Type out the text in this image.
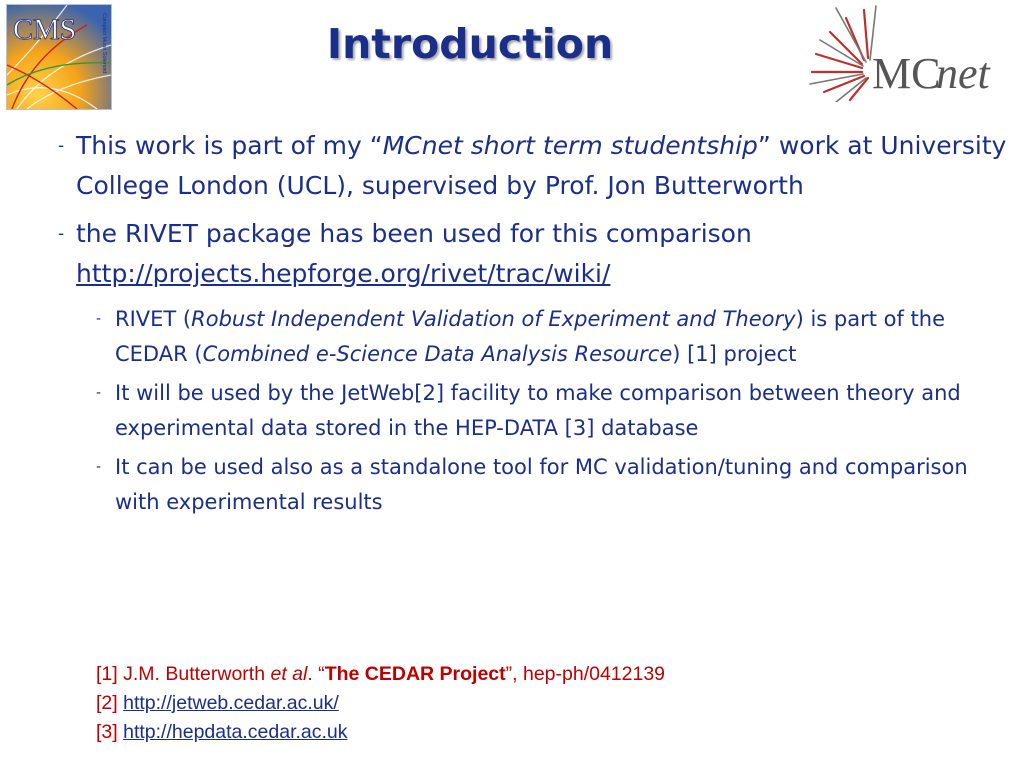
CMS	Compact Muon Solenoid	Introduction
MC
net
- This work is part of my “MCnet short term studentship” work at University College London (UCL), supervised by Prof. Jon Butterworth
- the RIVET package has been used for this comparison
http://projects.hepforge.org/rivet/trac/wiki/
- RIVET (Robust Independent Validation of Experiment and Theory) is part of the CEDAR (Combined e-Science Data Analysis Resource) [1] project
- It will be used by the JetWeb[2] facility to make comparison between theory and experimental data stored in the HEP-DATA [3] database
- It can be used also as a standalone tool for MC validation/tuning and comparison with experimental results
[1] J.M. Butterworth et al. “The CEDAR Project”, hep-ph/0412139
[2] http://jetweb.cedar.ac.uk/
[3] http://hepdata.cedar.ac.uk
